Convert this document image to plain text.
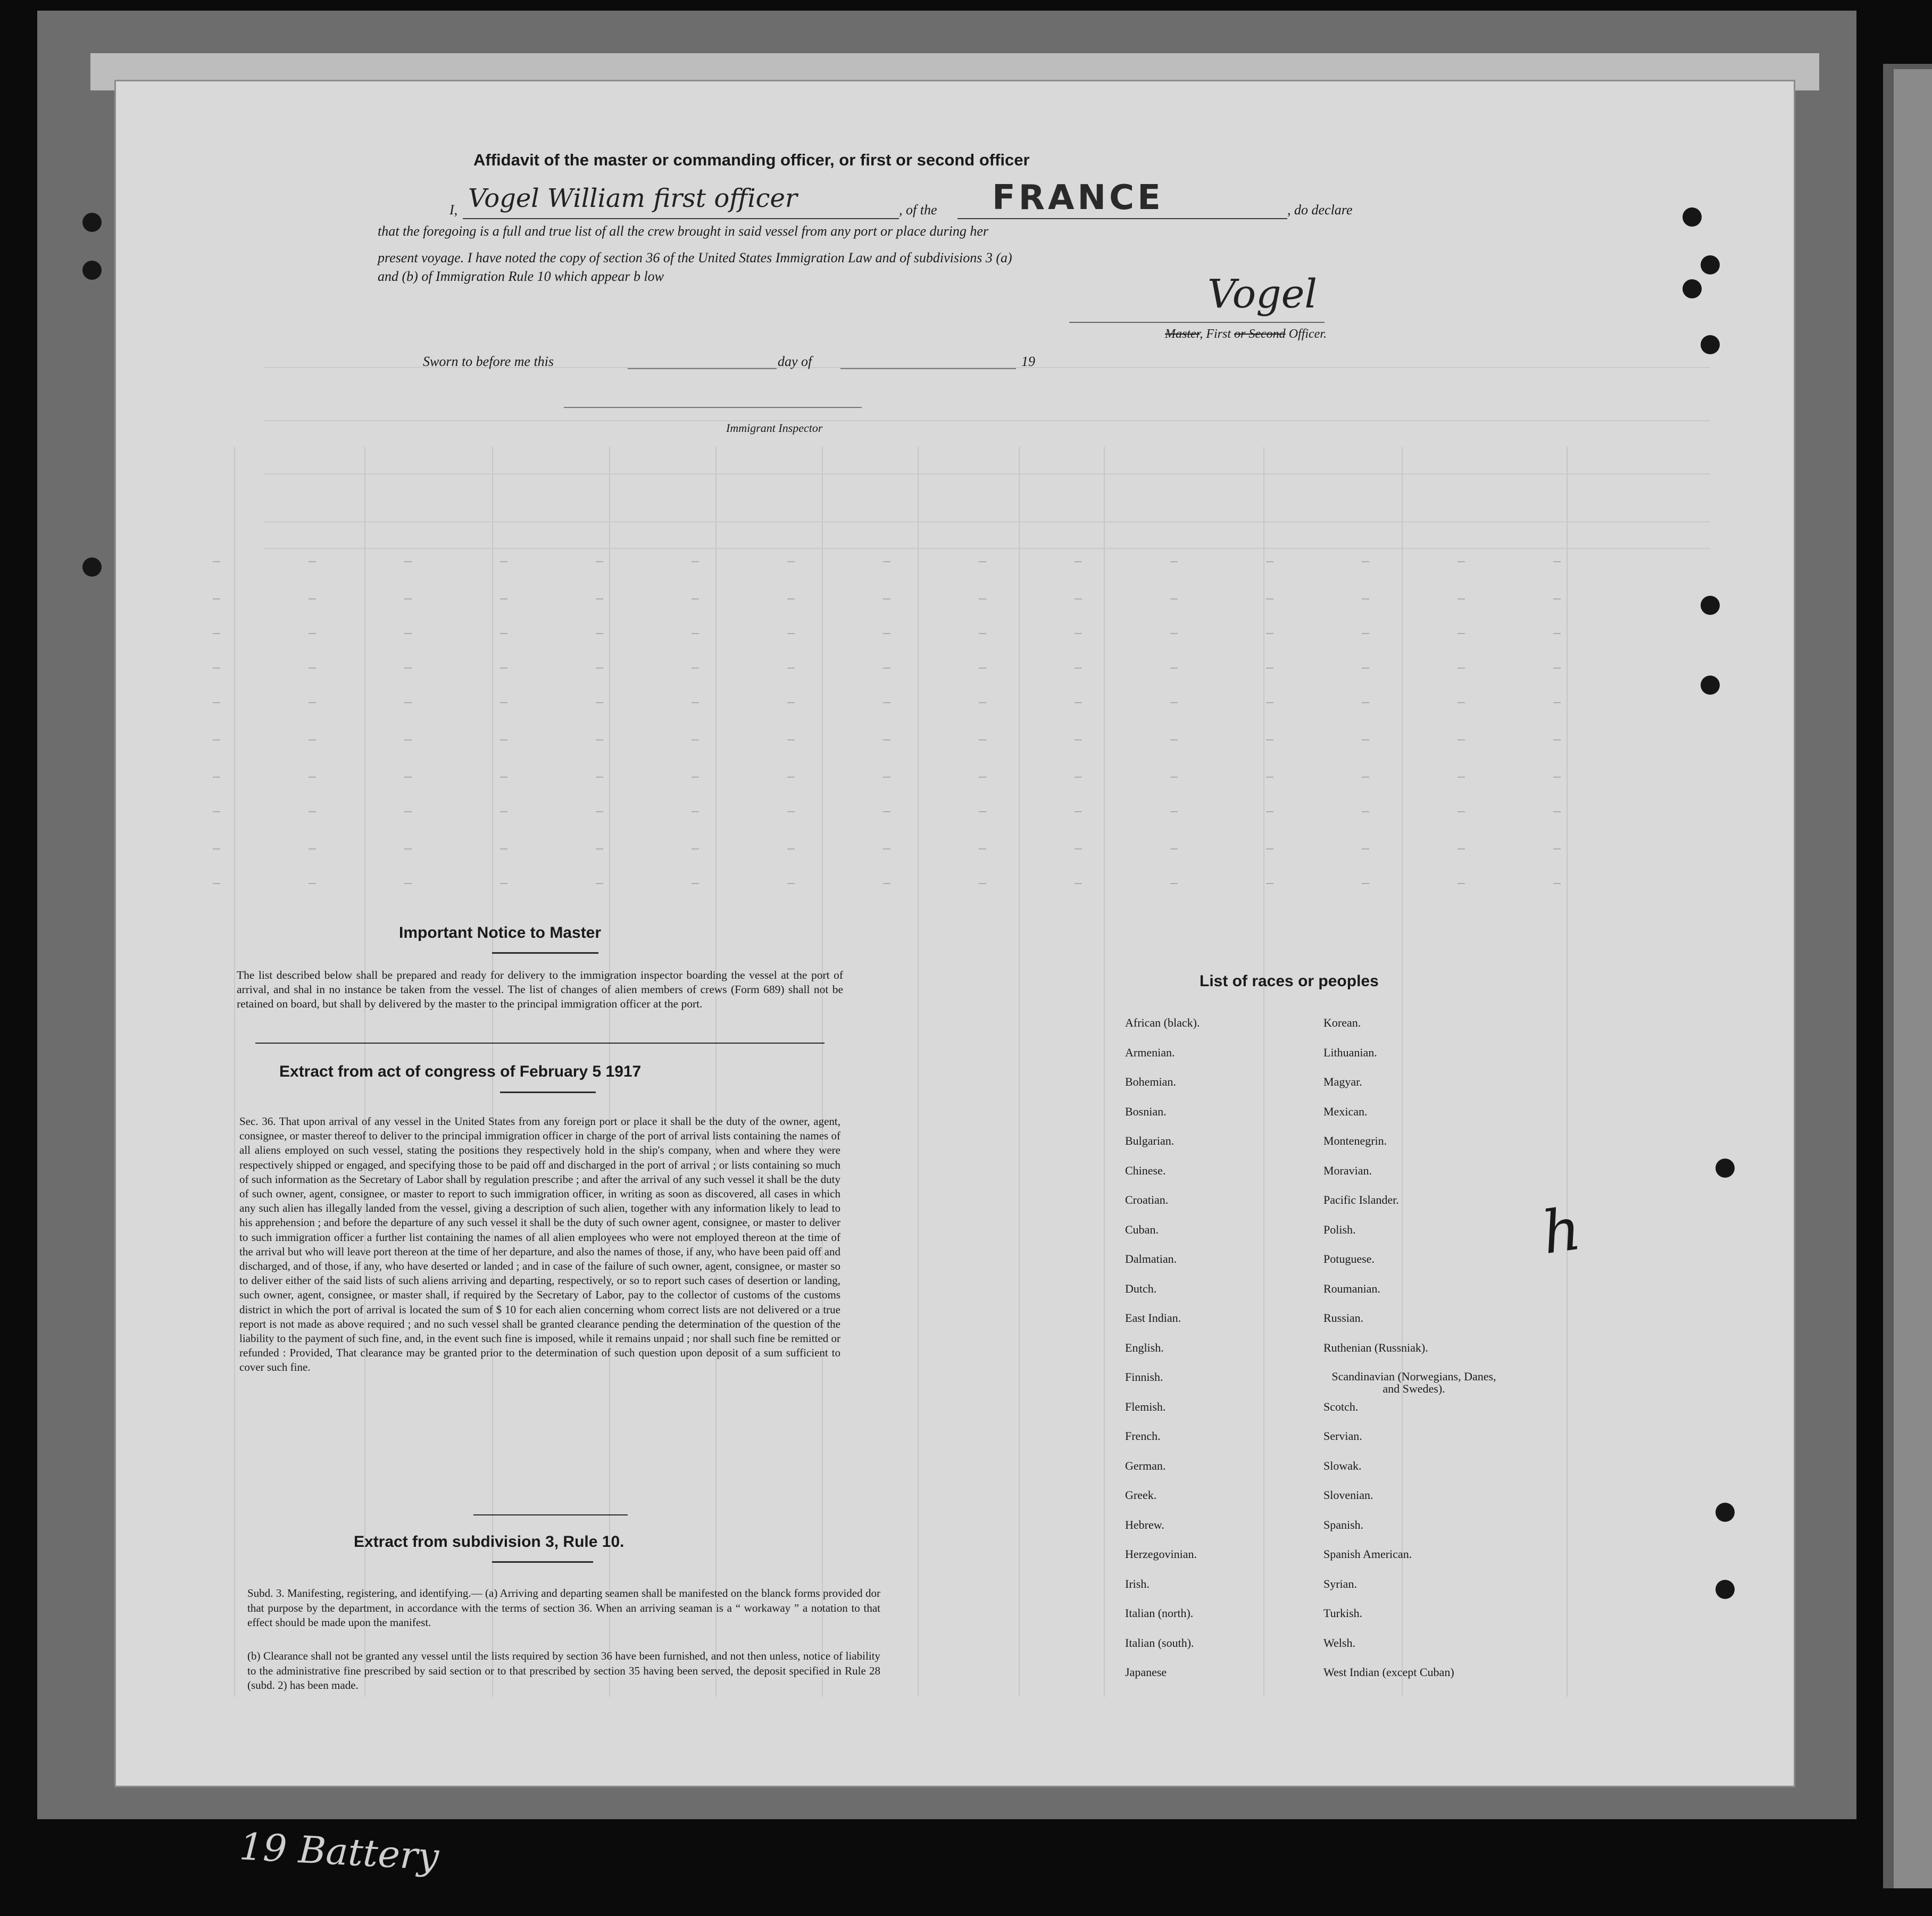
Affidavit of the master or commanding officer, or first or second officer
I, Vogel William first officer	, of the FRANCE	, do declare
that the foregoing is a full and true list of all the crew brought in said vessel from any port or place during her
present voyage. I have noted the copy of section 36 of the United States Immigration Law and of subdivisions 3 (a)
and (b) of Immigration Rule 10 which appear b low	Vogel
Master, First or Second Officer.
Sworn to before me this	day of	19
Immigrant Inspector
Important Notice to Master
The list described below shall be prepared and ready for delivery to the immigration inspector boarding the vessel at the port of arrival, and shal in no instance be taken from the vessel. The list of changes of alien members of crews (Form 689) shall not be retained on board, but shall by delivered by the master to the principal immigration officer at the port.
Extract from act of congress of February 5 1917
Sec. 36. That upon arrival of any vessel in the United States from any foreign port or place it shall be the duty of the owner, agent, consignee, or master thereof to deliver to the principal immigration officer in charge of the port of arrival lists containing the names of all aliens employed on such vessel, stating the positions they respectively hold in the ship's company, when and where they were respectively shipped or engaged, and specifying those to be paid off and discharged in the port of arrival ; or lists containing so much of such information as the Secretary of Labor shall by regulation prescribe ; and after the arrival of any such vessel it shall be the duty of such owner, agent, consignee, or master to report to such immigration officer, in writing as soon as discovered, all cases in which any such alien has illegally landed from the vessel, giving a description of such alien, together with any information likely to lead to his apprehension ; and before the departure of any such vessel it shall be the duty of such owner agent, consignee, or master to deliver to such immigration officer a further list containing the names of all alien employees who were not employed thereon at the time of the arrival but who will leave port thereon at the time of her departure, and also the names of those, if any, who have been paid off and discharged, and of those, if any, who have deserted or landed ; and in case of the failure of such owner, agent, consignee, or master so to deliver either of the said lists of such aliens arriving and departing, respectively, or so to report such cases of desertion or landing, such owner, agent, consignee, or master shall, if required by the Secretary of Labor, pay to the collector of customs of the customs district in which the port of arrival is located the sum of $ 10 for each alien concerning whom correct lists are not delivered or a true report is not made as above required ; and no such vessel shall be granted clearance pending the determination of the question of the liability to the payment of such fine, and, in the event such fine is imposed, while it remains unpaid ; nor shall such fine be remitted or refunded : Provided, That clearance may be granted prior to the determination of such question upon deposit of a sum sufficient to cover such fine.
Extract from subdivision 3, Rule 10.
Subd. 3. Manifesting, registering, and identifying.— (a) Arriving and departing seamen shall be manifested on the blanck forms provided dor that purpose by the department, in accordance with the terms of section 36. When an arriving seaman is a “ workaway ” a notation to that effect should be made upon the manifest.
(b) Clearance shall not be granted any vessel until the lists required by section 36 have been furnished, and not then unless, notice of liability to the administrative fine prescribed by said section or to that prescribed by section 35 having been served, the deposit specified in Rule 28 (subd. 2) has been made.
List of races or peoples
African (black).
Armenian.
Bohemian.
Bosnian.
Bulgarian.
Chinese.
Croatian.
Cuban.
Dalmatian.
Dutch.
East Indian.
English.
Finnish.
Flemish.
French.
German.
Greek.
Hebrew.
Herzegovinian.
Irish.
Italian (north).
Italian (south).
Japanese
Korean.
Lithuanian.
Magyar.
Mexican.
Montenegrin.
Moravian.
Pacific Islander.
Polish.
Potuguese.
Roumanian.
Russian.
Ruthenian (Russniak).
Scandinavian (Norwegians, Danes, and Swedes).
Scotch.
Servian.
Slowak.
Slovenian.
Spanish.
Spanish American.
Syrian.
Turkish.
Welsh.
West Indian (except Cuban)
h
19 Battery
